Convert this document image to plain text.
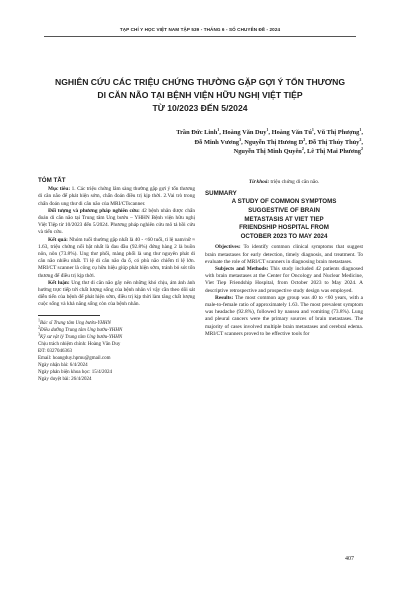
TẠP CHÍ Y HỌC VIỆT NAM TẬP 539 - THÁNG 6 - SỐ CHUYÊN ĐỀ - 2024
NGHIÊN CỨU CÁC TRIỆU CHỨNG THƯỜNG GẶP GỢI Ý TỔN THƯƠNG
DI CĂN NÃO TẠI BỆNH VIỆN HỮU NGHỊ VIỆT TIỆP
TỪ 10/2023 ĐẾN 5/2024
Trần Đức Linh$^1$, Hoàng Văn Duy$^1$, Hoàng Văn $Tú^1$, Vũ Thị Phượng$^1$,
Đỗ Minh Vương$^3$, Nguyễn Thị Hương $D^2$, Đỗ Thị Thúy Thủy$^2$,
Nguyễn Thị Minh Quyên$^2$, Lê Thị Mai Phương$^2$
TÓM TẮT

Mục tiêu: 1. Các triệu chứng lâm sàng thường gặp gợi ý tổn thương di căn não để phát hiện sớm, chẩn đoán điều trị kịp thời. 2.Vai trò trong chẩn đoán ung thư di căn não của MRI/CTscanner.

Đối tượng và phương pháp nghiên cứu: 42 bệnh nhân được chẩn đoán di căn não tại Trung tâm Ung bướu – YHHN Bệnh viện hữu nghị Việt Tiệp từ 10/2023 đến 5/2024. Phương pháp nghiên cứu mô tả hồi cứu và tiến cứu.

Kết quả: Nhóm tuổi thường gặp nhất là 40 - <60 tuổi, tỉ lệ nam/nữ ≈ 1.63, triệu chứng nổi bật nhất là đau đầu (92.8%) đứng hàng 2 là buồn nôn, nôn (73.8%). Ung thư phổi, màng phổi là ung thư nguyên phát di căn não nhiều nhất. Tỉ lệ di căn não đa ổ, có phù não chiếm tỉ lệ lớn. MRI/CT scanner là công cụ hữu hiệu giúp phát hiện sớm, tránh bỏ sót tổn thương để điều trị kịp thời.

Kết luận: Ung thư di căn não gây nên những khó chịu, ám ảnh ảnh hưởng trực tiếp tới chất lượng sống của bệnh nhân vì vậy cần theo dõi sát diễn tiến của bệnh để phát hiện sớm, điều trị kịp thời làm tăng chất lượng cuộc sống và khả năng sống còn của bệnh nhân.

$^1$Bác sĩ Trung tâm Ung bướu-YHHN

$^2$Điều dưỡng Trung tâm Ung bướu-YHHN

$^3$Kỹ sư vật lý Trung tâm Ung bướu-YHHN

Chịu trách nhiệm chính: Hoàng Văn Duy

ĐT: 0327046363

Email: hoangduy.hpmu@gmail.com

Ngày nhận bài: 6/4/2024

Ngày phản biện khoa học: 15/4/2024

Ngày duyệt bài: 26/4/2024

Từ khoá: triệu chứng di căn não.

SUMMARY
A STUDY OF COMMON SYMPTOMS
SUGGESTIVE OF BRAIN
METASTASIS AT VIET TIEP
FRIENDSHIP HOSPITAL FROM
OCTOBER 2023 TO MAY 2024

Objectives: To identify common clinical symptoms that suggest brain metastases for early detection, timely diagnosis, and treatment. To evaluate the role of MRI/CT scanners in diagnosing brain metastases.

Subjects and Methods: This study included 42 patients diagnosed with brain metastases at the Center for Oncology and Nuclear Medicine, Viet Tiep Friendship Hospital, from October 2023 to May 2024. A descriptive retrospective and prospective study design was employed.

Results: The most common age group was 40 to <60 years, with a male-to-female ratio of approximately 1.63. The most prevalent symptom was headache (92.8%), followed by nausea and vomiting (73.8%). Lung and pleural cancers were the primary sources of brain metastases. The majority of cases involved multiple brain metastases and cerebral edema. MRI/CT scanners proved to be effective tools for

407
